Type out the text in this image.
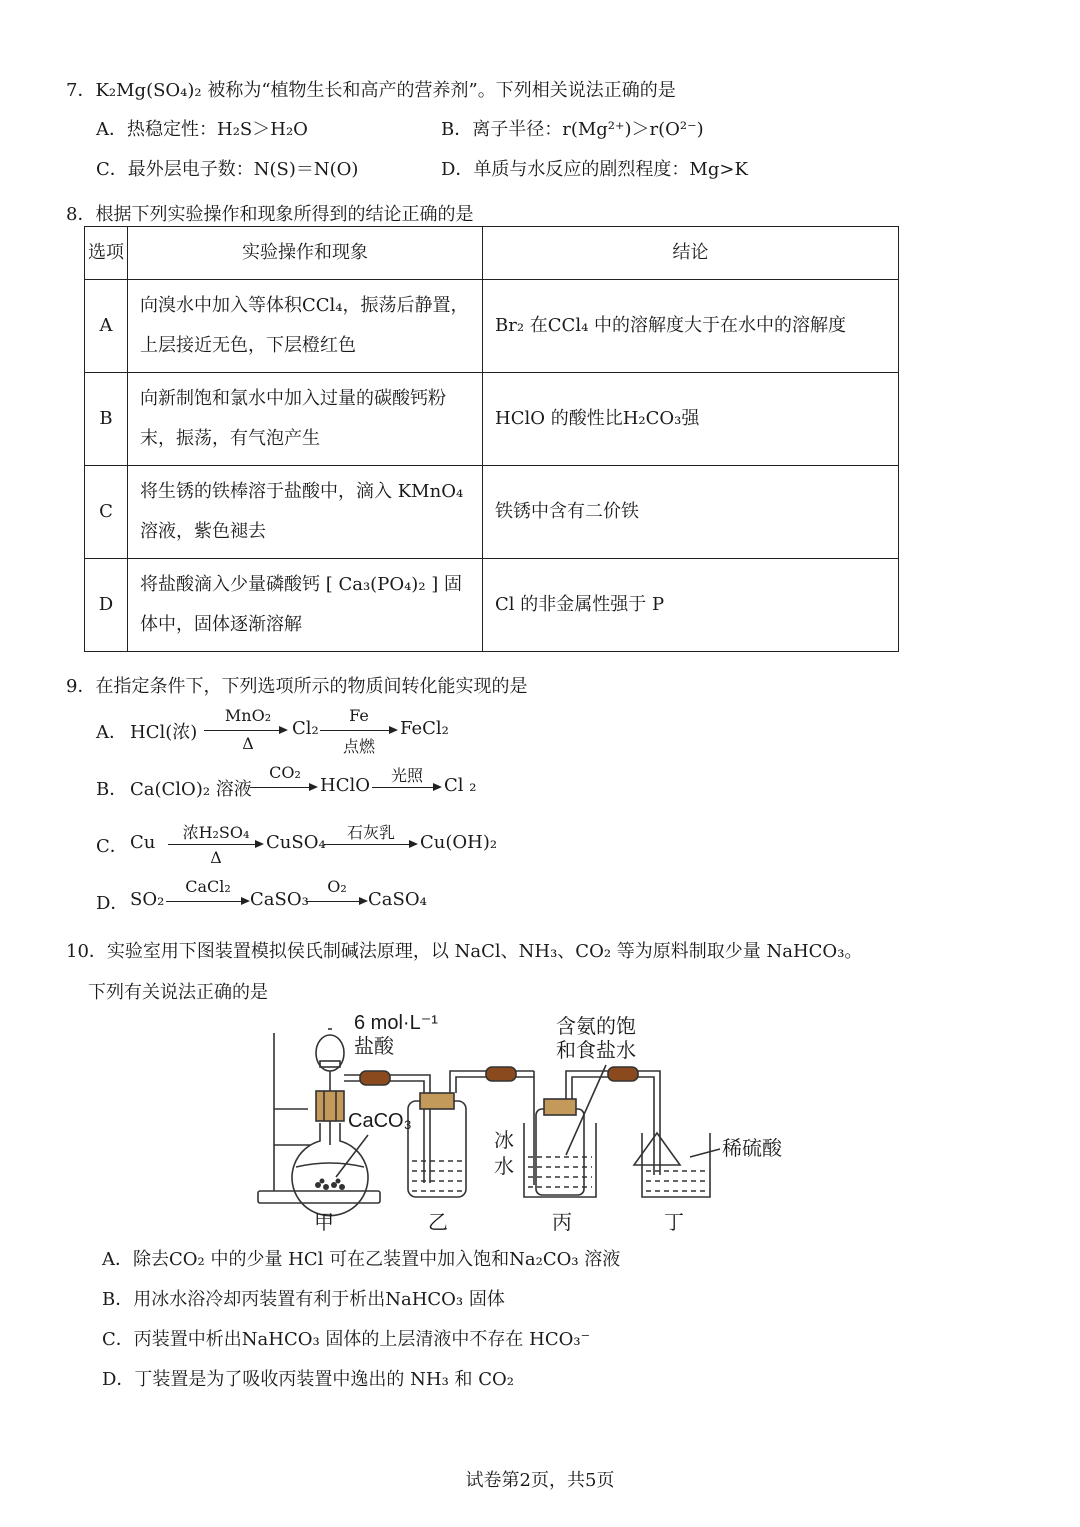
7．K₂Mg(SO₄)₂ 被称为“植物生长和高产的营养剂”。下列相关说法正确的是
A．热稳定性：H₂S＞H₂O	B．离子半径：r(Mg²⁺)＞r(O²⁻)
C．最外层电子数：N(S)＝N(O)	D．单质与水反应的剧烈程度：Mg>K
8．根据下列实验操作和现象所得到的结论正确的是
选项	实验操作和现象	结论
A	向溴水中加入等体积CCl₄，振荡后静置，上层接近无色，下层橙红色	Br₂ 在CCl₄ 中的溶解度大于在水中的溶解度
B	向新制饱和氯水中加入过量的碳酸钙粉末，振荡，有气泡产生	HClO 的酸性比H₂CO₃强
C	将生锈的铁棒溶于盐酸中，滴入 KMnO₄ 溶液，紫色褪去	铁锈中含有二价铁
D	将盐酸滴入少量磷酸钙 [ Ca₃(PO₄)₂ ] 固体中，固体逐渐溶解	Cl 的非金属性强于 P
9．在指定条件下，下列选项所示的物质间转化能实现的是
A． HCl(浓)
MnO₂
Δ
Cl₂
Fe
点燃
FeCl₂
B． Ca(ClO)₂ 溶液
CO₂
HClO	光照	Cl ₂
C． Cu	浓H₂SO₄
Δ
CuSO₄	石灰乳	Cu(OH)₂
D． SO₂
CaCl₂
CaSO₃
O₂
CaSO₄
10．实验室用下图装置模拟侯氏制碱法原理，以 NaCl、NH₃、CO₂ 等为原料制取少量 NaHCO₃。
下列有关说法正确的是
6 mol·L⁻¹
盐酸
CaCO₃
含氨的饱
和食盐水
冰
水
稀硫酸
甲	乙	丙	丁
A．除去CO₂ 中的少量 HCl 可在乙装置中加入饱和Na₂CO₃ 溶液
B．用冰水浴冷却丙装置有利于析出NaHCO₃ 固体
C．丙装置中析出NaHCO₃ 固体的上层清液中不存在 HCO₃⁻
D．丁装置是为了吸收丙装置中逸出的 NH₃ 和 CO₂
试卷第2页，共5页
